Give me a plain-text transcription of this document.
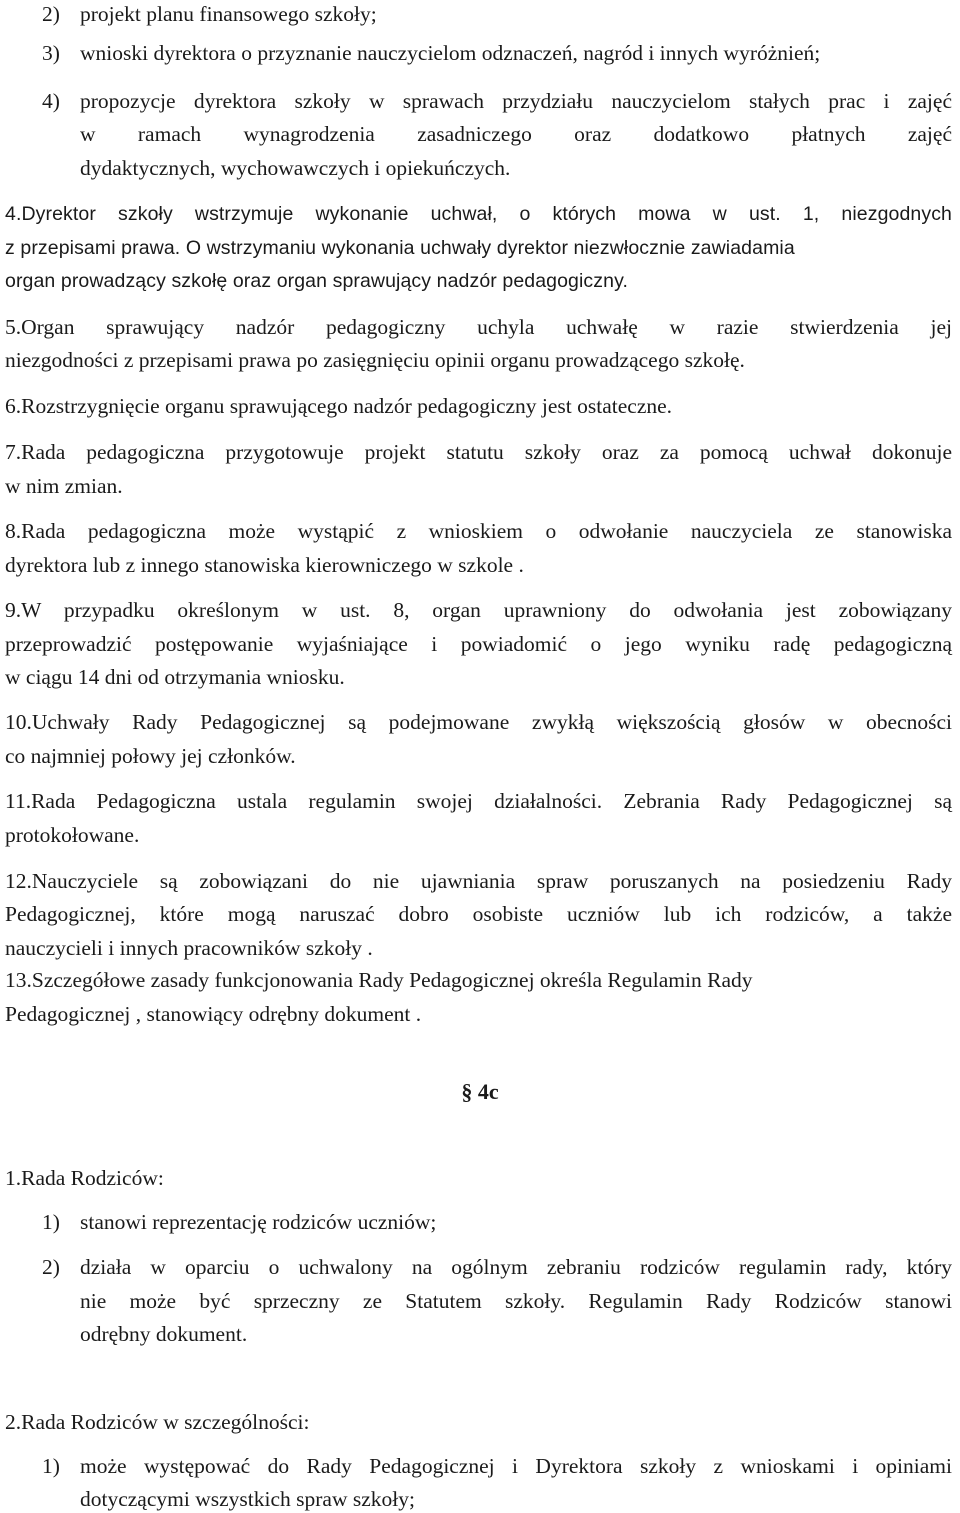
2) projekt planu finansowego szkoły;
3) wnioski dyrektora o przyznanie nauczycielom odznaczeń, nagród i innych wyróżnień;
4) propozycje dyrektora szkoły w sprawach przydziału nauczycielom stałych prac i zajęć
w ramach wynagrodzenia zasadniczego oraz dodatkowo płatnych zajęć
dydaktycznych, wychowawczych i opiekuńczych.
4.Dyrektor szkoły wstrzymuje wykonanie uchwał, o których mowa w ust. 1, niezgodnych
z przepisami prawa. O wstrzymaniu wykonania uchwały dyrektor niezwłocznie zawiadamia
organ prowadzący szkołę oraz organ sprawujący nadzór pedagogiczny.
5.Organ sprawujący nadzór pedagogiczny uchyla uchwałę w razie stwierdzenia jej
niezgodności z przepisami prawa po zasięgnięciu opinii organu prowadzącego szkołę.
6.Rozstrzygnięcie organu sprawującego nadzór pedagogiczny jest ostateczne.
7.Rada pedagogiczna przygotowuje projekt statutu szkoły oraz za pomocą uchwał dokonuje
w nim zmian.
8.Rada pedagogiczna może wystąpić z wnioskiem o odwołanie nauczyciela ze stanowiska
dyrektora lub z innego stanowiska kierowniczego w szkole .
9.W przypadku określonym w ust. 8, organ uprawniony do odwołania jest zobowiązany
przeprowadzić postępowanie wyjaśniające i powiadomić o jego wyniku radę pedagogiczną
w ciągu 14 dni od otrzymania wniosku.
10.Uchwały Rady Pedagogicznej są podejmowane zwykłą większością głosów w obecności
co najmniej połowy jej członków.
11.Rada Pedagogiczna ustala regulamin swojej działalności. Zebrania Rady Pedagogicznej są
protokołowane.
12.Nauczyciele są zobowiązani do nie ujawniania spraw poruszanych na posiedzeniu Rady
Pedagogicznej, które mogą naruszać dobro osobiste uczniów lub ich rodziców, a także
nauczycieli i innych pracowników szkoły .
13.Szczegółowe zasady funkcjonowania Rady Pedagogicznej określa Regulamin Rady
Pedagogicznej , stanowiący odrębny dokument .
§ 4c
1.Rada Rodziców:
1) stanowi reprezentację rodziców uczniów;
2) działa w oparciu o uchwalony na ogólnym zebraniu rodziców regulamin rady, który
nie może być sprzeczny ze Statutem szkoły. Regulamin Rady Rodziców stanowi
odrębny dokument.
2.Rada Rodziców w szczególności:
1) może występować do Rady Pedagogicznej i Dyrektora szkoły z wnioskami i opiniami
dotyczącymi wszystkich spraw szkoły;
